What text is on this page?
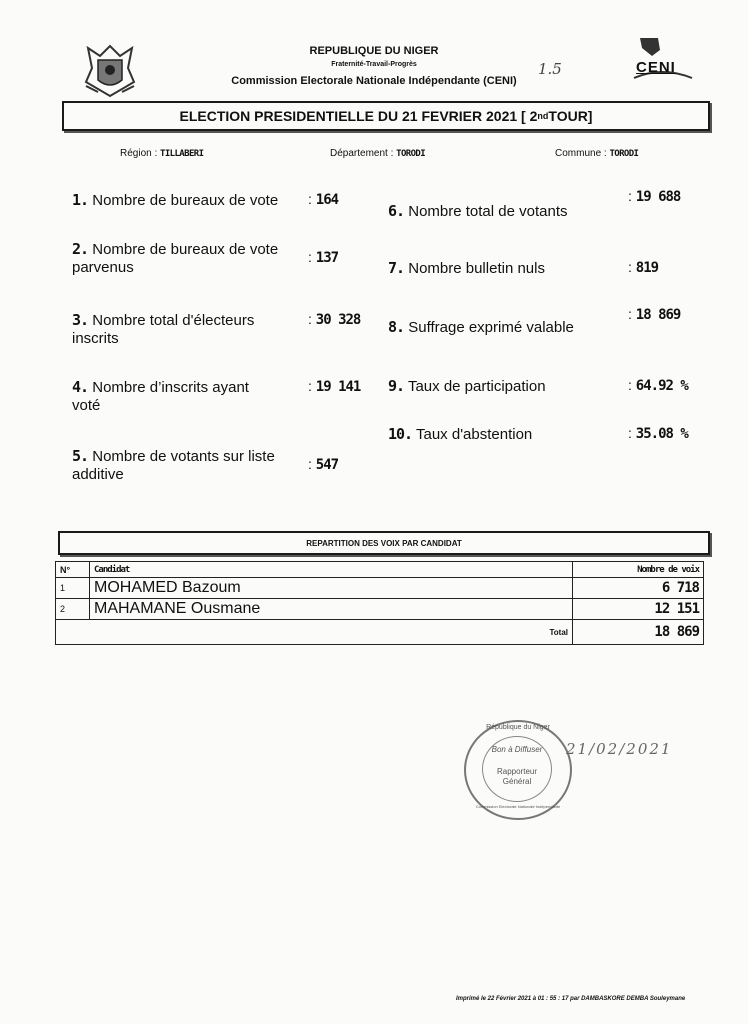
CENI
REPUBLIQUE DU NIGER
Fraternité-Travail-Progrès
Commission Electorale Nationale Indépendante (CENI)
1.5
ELECTION PRESIDENTIELLE DU 21 FEVRIER 2021 [ 2 nd TOUR]
Région : TILLABERI	Département : TORODI	Commune : TORODI
1. Nombre de bureaux de vote	: 164
2. Nombre de bureaux de vote
parvenus
: 137
3. Nombre total d'électeurs
inscrits
: 30 328
4. Nombre d’inscrits ayant
voté
: 19 141
5. Nombre de votants sur liste
additive
: 547
6. Nombre total de votants
: 19 688
7. Nombre bulletin nuls	: 819
8. Suffrage exprimé valable
: 18 869
9. Taux de participation	: 64.92 %
10. Taux d'abstention	: 35.08 %
REPARTITION DES VOIX PAR CANDIDAT
N°	Candidat	Nombre de voix
1	MOHAMED Bazoum	6 718
2	MAHAMANE Ousmane	12 151
Total		18 869
République du Niger
Bon à Diffuser
Rapporteur
Général
Commission Electorale Nationale Indépendante
21/02/2021
Imprimé le 22 Février 2021 à 01 : 55 : 17 par DAMBASKORE DEMBA Souleymane
